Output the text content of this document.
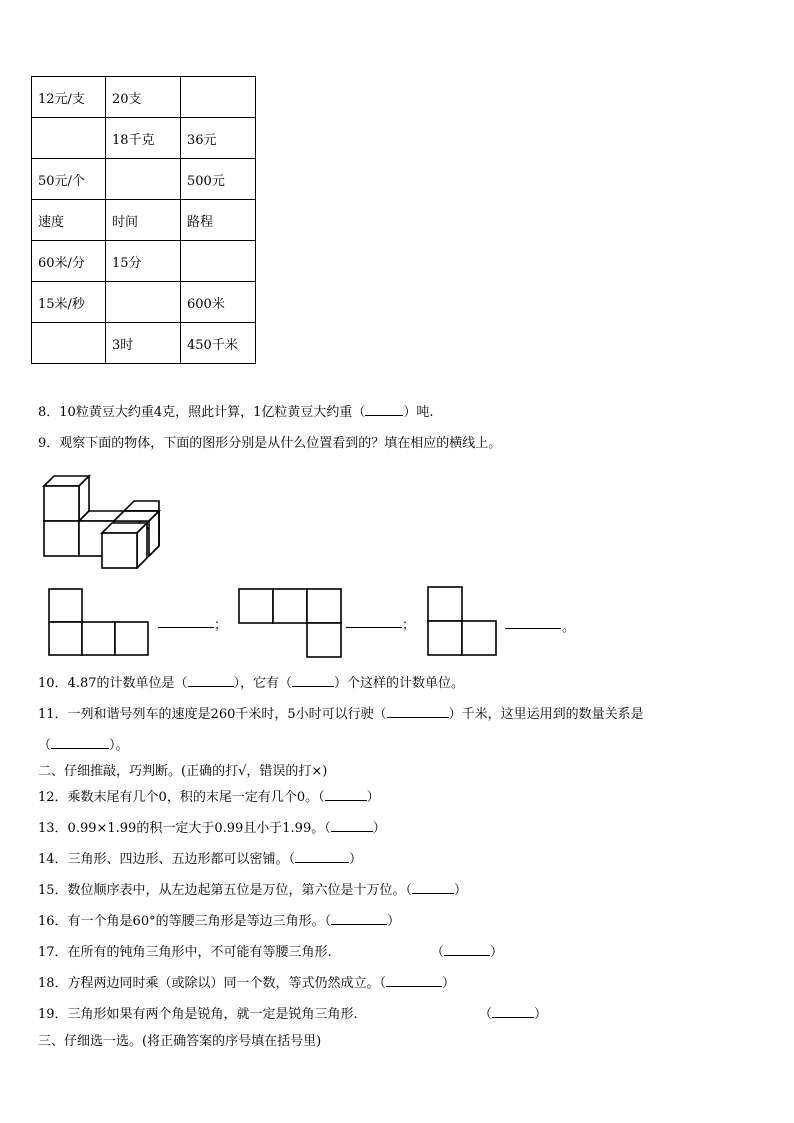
12元/支	20支	
	18千克	36元
50元/个		500元
速度	时间	路程
60米/分	15分	
15米/秒		600米
	3时	450千米
8．10粒黄豆大约重4克，照此计算，1亿粒黄豆大约重（	）吨.
9．观察下面的物体，下面的图形分别是从什么位置看到的？填在相应的横线上。
；	；	。
10．4.87的计数单位是（	），它有（	）个这样的计数单位。
11．一列和谐号列车的速度是260千米时，5小时可以行驶（	）千米，这里运用到的数量关系是
（	）。
二、仔细推敲，巧判断。(正确的打√，错误的打×)
12．乘数末尾有几个0，积的末尾一定有几个0。（	）
13．0.99×1.99的积一定大于0.99且小于1.99。（	）
14．三角形、四边形、五边形都可以密铺。（	）
15．数位顺序表中，从左边起第五位是万位，第六位是十万位。（	）
16．有一个角是60°的等腰三角形是等边三角形。（	）
17．在所有的钝角三角形中，不可能有等腰三角形.	（	）
18．方程两边同时乘（或除以）同一个数，等式仍然成立。（	）
19．三角形如果有两个角是锐角，就一定是锐角三角形.	（	）
三、仔细选一选。(将正确答案的序号填在括号里)
